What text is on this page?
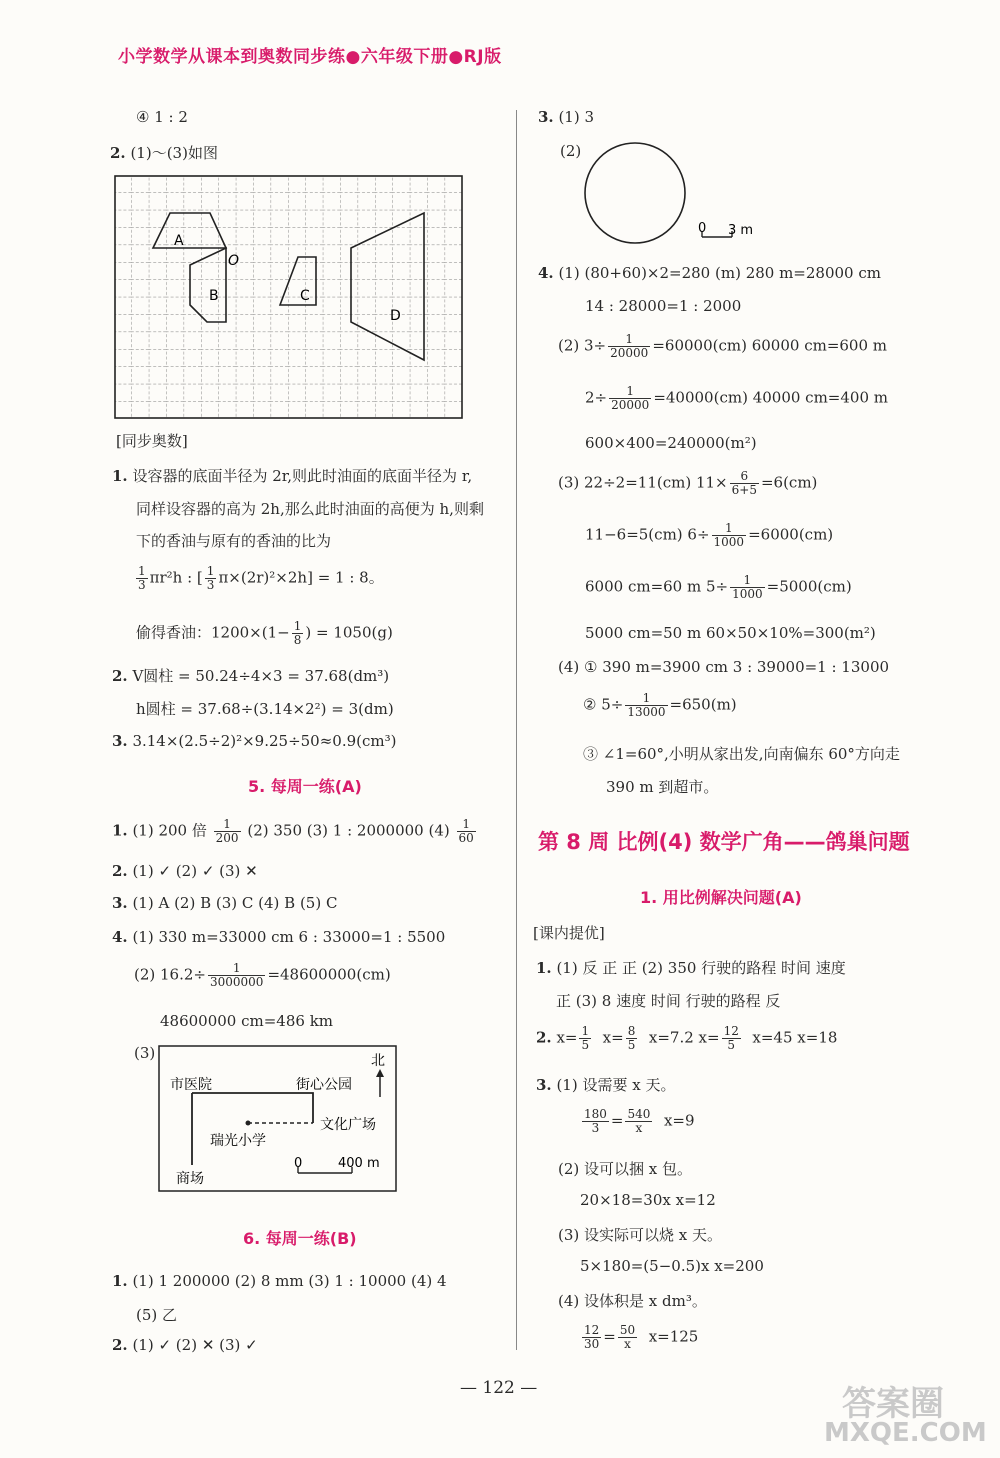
小学数学从课本到奥数同步练●六年级下册●RJ版
④ 1 : 2
2. (1)～(3)如图
A
O
B	C
D
[同步奥数]
1. 设容器的底面半径为 2r,则此时油面的底面半径为 r,
同样设容器的高为 2h,那么此时油面的高便为 h,则剩
下的香油与原有的香油的比为
$\frac{1}{3} \pi r^2h$ : [ $\frac{1}{3} \pi\times(2r)^2\times 2h] = 1$ : 8。
偷得香油：$1200\times(1- \frac{1}{8}$ ) = 1050(g)
2. V圆柱 = 50.24÷4×3 = 37.68(dm³)
h圆柱 = 37.68÷(3.14×2²) = 3(dm)
3. 3.14×(2.5÷2)²×9.25÷50≈0.9(cm³)
5. 每周一练(A)
1. (1) 200 倍 $\frac{1}{200} (2)$ 350 (3) 1 : 2000000 $(4) \frac{1}{60}$
2. (1) ✓ (2) ✓ (3) ✕
3. (1) A (2) B (3) C (4) B (5) C
4. (1) 330 m=33000 cm 6 : 33000=1 : 5500
(2) $16.2\div \frac{1}{3000000} =48600000(cm)$
48600000 cm=486 km
(3)
市医院	街心公园
北
文化广场
瑞光小学
商场
0	400 m
6. 每周一练(B)
1. (1) 1 200000 (2) 8 mm (3) 1 : 10000 (4) 4
(5) 乙
2. (1) ✓ (2) ✕ (3) ✓
3. (1) 3
(2)
0 3 m
4. (1) (80+60)×2=280 (m) 280 m=28000 cm
14 : 28000=1 : 2000
(2) $3\div \frac{1}{20000} =60000(cm)$ 60000 cm=600 m
$2\div \frac{1}{20000} =40000(cm)$ 40000 cm=400 m
600×400=240000(m²)
(3) 22÷2=11(cm) $11\times \frac{6}{6+5} =6(cm)$
11−6=5(cm) $6\div \frac{1}{1000} =6000(cm)$
6000 cm=60 m $5\div \frac{1}{1000} =5000(cm)$
5000 cm=50 m 60×50×10%=300(m²)
(4) ① 390 m=3900 cm 3 : 39000=1 : 13000
② $5\div \frac{1}{13000} =650(m)$
③ ∠1=60°,小明从家出发,向南偏东 60°方向走
390 m 到超市。
第 8 周 比例(4) 数学广角——鸽巢问题
1. 用比例解决问题(A)
[课内提优]
1. (1) 反 正 正 (2) 350 行驶的路程 时间 速度
正 (3) 8 速度 时间 行驶的路程 反
2. $x= \frac{1}{5} x= \frac{8}{5} x=7.2$ $x= \frac{12}{5} x=45$ x=18
3. (1) 设需要 x 天。
$\frac{180}{3} = \frac{540}{x} x=9$
(2) 设可以捆 x 包。
20×18=30x x=12
(3) 设实际可以烧 x 天。
5×180=(5−0.5)x x=200
(4) 设体积是 x dm³。
$\frac{12}{30} = \frac{50}{x} x=125$
— 122 —	答案圈
MXQE.COM
